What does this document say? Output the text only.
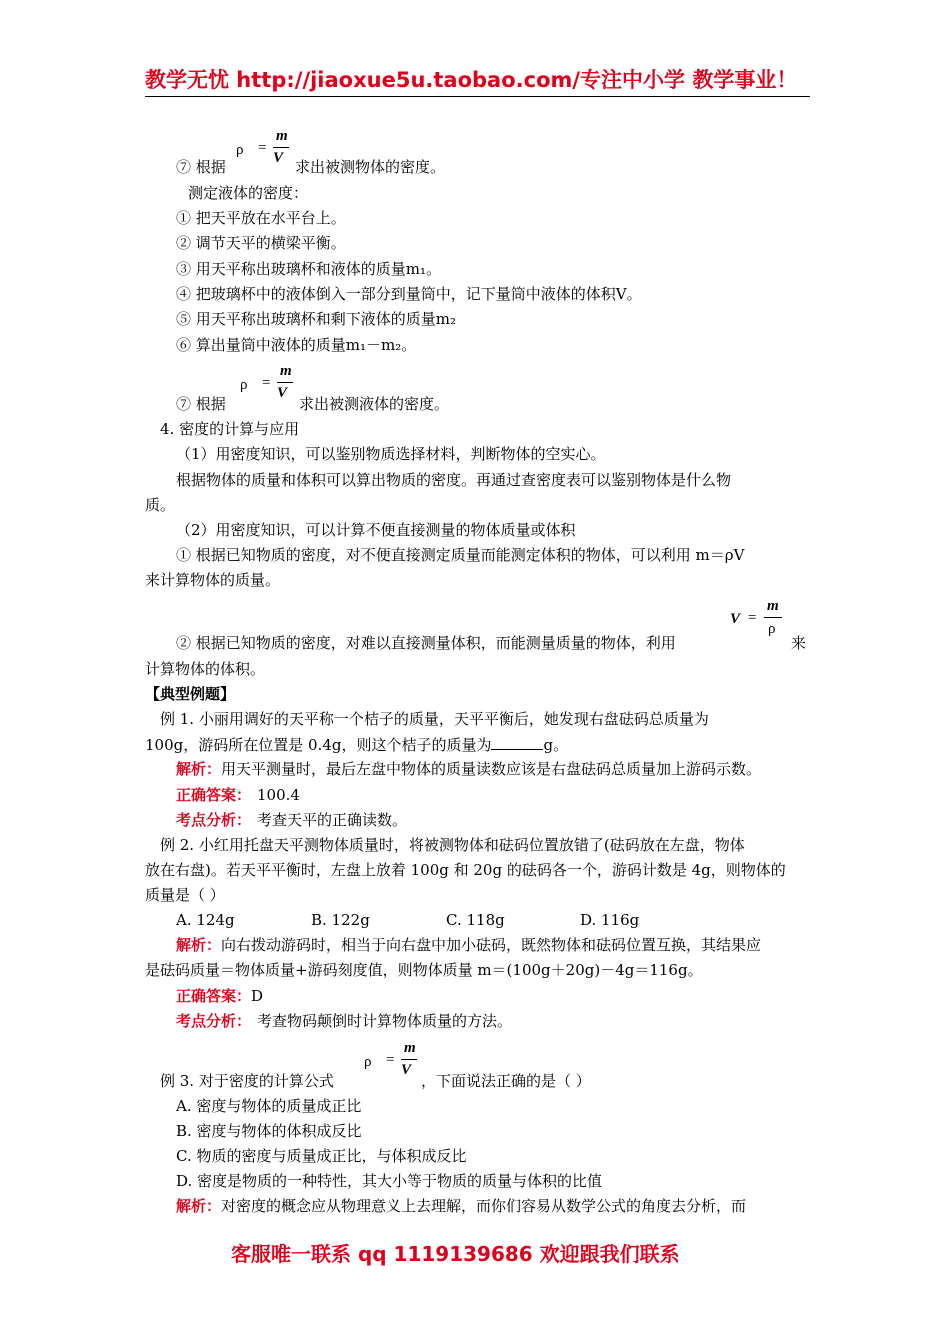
教学无忧 http://jiaoxue5u.taobao.com/专注中小学 教学事业！
ρ =
m
V
⑦ 根据	求出被测物体的密度。
测定液体的密度：
① 把天平放在水平台上。
② 调节天平的横梁平衡。
③ 用天平称出玻璃杯和液体的质量m₁。
④ 把玻璃杯中的液体倒入一部分到量筒中，记下量筒中液体的体积V。
⑤ 用天平称出玻璃杯和剩下液体的质量m₂
⑥ 算出量筒中液体的质量m₁－m₂。
ρ =
m
V
⑦ 根据	求出被测液体的密度。
4. 密度的计算与应用
（1）用密度知识，可以鉴别物质选择材料，判断物体的空实心。
根据物体的质量和体积可以算出物质的密度。再通过查密度表可以鉴别物体是什么物
质。
（2）用密度知识，可以计算不便直接测量的物体质量或体积
① 根据已知物质的密度，对不便直接测定质量而能测定体积的物体，可以利用 m＝ρV
来计算物体的质量。
V =
m
ρ
② 根据已知物质的密度，对难以直接测量体积，而能测量质量的物体，利用	来
计算物体的体积。
【典型例题】
例 1. 小丽用调好的天平称一个桔子的质量，天平平衡后，她发现右盘砝码总质量为
100g，游码所在位置是 0.4g，则这个桔子的质量为	g。
解析：用天平测量时，最后左盘中物体的质量读数应该是右盘砝码总质量加上游码示数。
正确答案： 100.4
考点分析： 考查天平的正确读数。
例 2. 小红用托盘天平测物体质量时，将被测物体和砝码位置放错了(砝码放在左盘，物体
放在右盘)。若天平平衡时，左盘上放着 100g 和 20g 的砝码各一个，游码计数是 4g，则物体的
质量是（ ）
A. 124g	B. 122g	C. 118g	D. 116g
解析：向右拨动游码时，相当于向右盘中加小砝码，既然物体和砝码位置互换，其结果应
是砝码质量＝物体质量+游码刻度值，则物体质量 m＝(100g＋20g)－4g＝116g。
正确答案：D
考点分析： 考查物码颠倒时计算物体质量的方法。
ρ =
m
V
例 3. 对于密度的计算公式	，下面说法正确的是（ ）
A. 密度与物体的质量成正比
B. 密度与物体的体积成反比
C. 物质的密度与质量成正比，与体积成反比
D. 密度是物质的一种特性，其大小等于物质的质量与体积的比值
解析：对密度的概念应从物理意义上去理解，而你们容易从数学公式的角度去分析，而
客服唯一联系 qq 1119139686 欢迎跟我们联系
